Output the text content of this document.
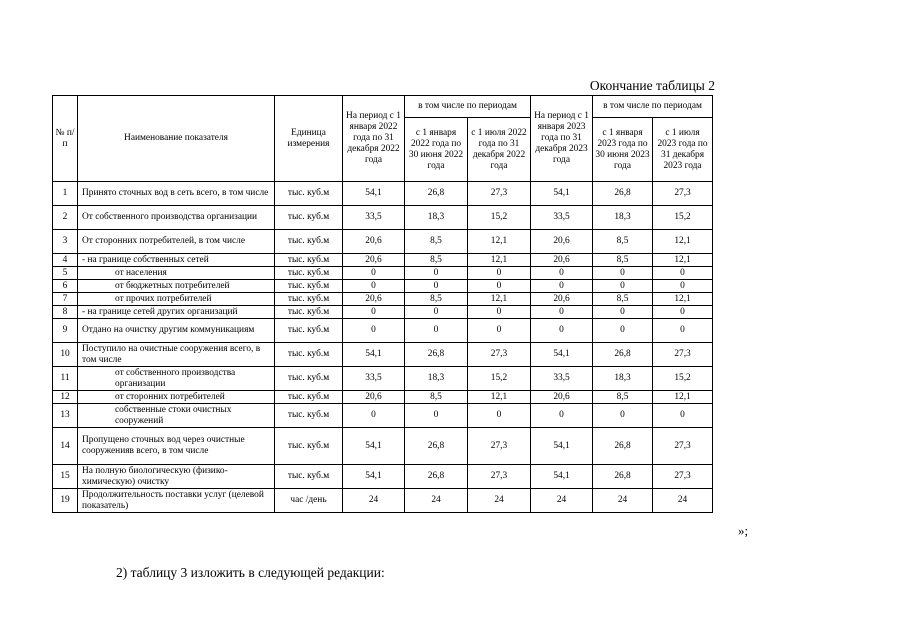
Окончание таблицы 2
№ п/п	Наименование показателя	Единица измерения	На период с 1 января 2022 года по 31 декабря 2022 года	в том числе по периодам		На период с 1 января 2023 года по 31 декабря 2023 года	в том числе по периодам	
				с 1 января 2022 года по 30 июня 2022 года	с 1 июля 2022 года по 31 декабря 2022 года		с 1 января 2023 года по 30 июня 2023 года	с 1 июля 2023 года по 31 декабря 2023 года
1	Принято сточных вод в сеть всего, в том числе	тыс. куб.м	54,1	26,8	27,3	54,1	26,8	27,3
2	От собственного производства организации	тыс. куб.м	33,5	18,3	15,2	33,5	18,3	15,2
3	От сторонних потребителей, в том числе	тыс. куб.м	20,6	8,5	12,1	20,6	8,5	12,1
4	- на границе собственных сетей	тыс. куб.м	20,6	8,5	12,1	20,6	8,5	12,1
5	от населения	тыс. куб.м	0	0	0	0	0	0
6	от бюджетных потребителей	тыс. куб.м	0	0	0	0	0	0
7	от прочих потребителей	тыс. куб.м	20,6	8,5	12,1	20,6	8,5	12,1
8	- на границе сетей других организаций	тыс. куб.м	0	0	0	0	0	0
9	Отдано на очистку другим коммуникациям	тыс. куб.м	0	0	0	0	0	0
10	Поступило на очистные сооружения всего, в том числе	тыс. куб.м	54,1	26,8	27,3	54,1	26,8	27,3
11	от собственного производства организации	тыс. куб.м	33,5	18,3	15,2	33,5	18,3	15,2
12	от сторонних потребителей	тыс. куб.м	20,6	8,5	12,1	20,6	8,5	12,1
13	собственные стоки очистных сооружений	тыс. куб.м	0	0	0	0	0	0
14	Пропущено сточных вод через очистные сооруженияв всего, в том числе	тыс. куб.м	54,1	26,8	27,3	54,1	26,8	27,3
15	На полную биологическую (физико-химическую) очистку	тыс. куб.м	54,1	26,8	27,3	54,1	26,8	27,3
19	Продолжительность поставки услуг (целевой показатель)	час /день	24	24	24	24	24	24
»;
2) таблицу 3 изложить в следующей редакции:
